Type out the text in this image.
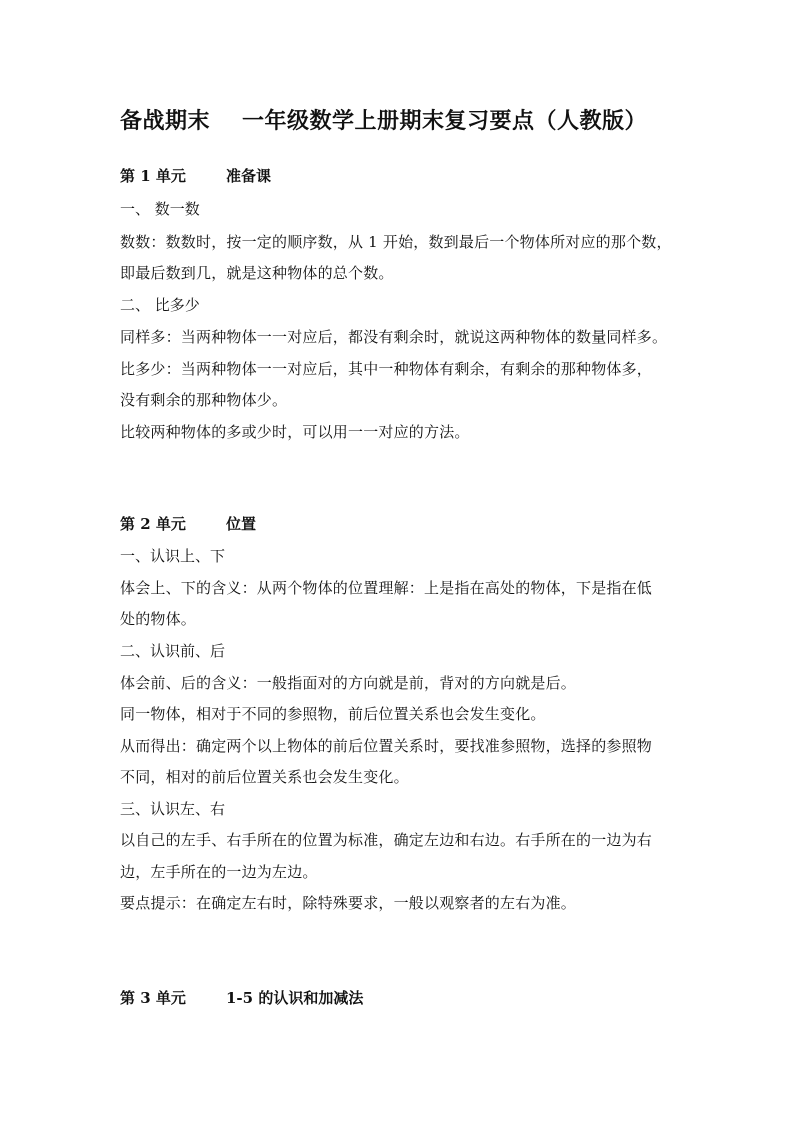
备战期末 一年级数学上册期末复习要点（人教版）
第 1 单元	准备课
一、 数一数
数数：数数时，按一定的顺序数，从 1 开始，数到最后一个物体所对应的那个数，
即最后数到几，就是这种物体的总个数。
二、 比多少
同样多：当两种物体一一对应后，都没有剩余时，就说这两种物体的数量同样多。
比多少：当两种物体一一对应后，其中一种物体有剩余，有剩余的那种物体多，
没有剩余的那种物体少。
比较两种物体的多或少时，可以用一一对应的方法。
第 2 单元	位置
一、认识上、下
体会上、下的含义：从两个物体的位置理解：上是指在高处的物体，下是指在低
处的物体。
二、认识前、后
体会前、后的含义：一般指面对的方向就是前，背对的方向就是后。
同一物体，相对于不同的参照物，前后位置关系也会发生变化。
从而得出：确定两个以上物体的前后位置关系时，要找准参照物，选择的参照物
不同，相对的前后位置关系也会发生变化。
三、认识左、右
以自己的左手、右手所在的位置为标准，确定左边和右边。右手所在的一边为右
边，左手所在的一边为左边。
要点提示：在确定左右时，除特殊要求，一般以观察者的左右为准。
第 3 单元	1-5 的认识和加减法
